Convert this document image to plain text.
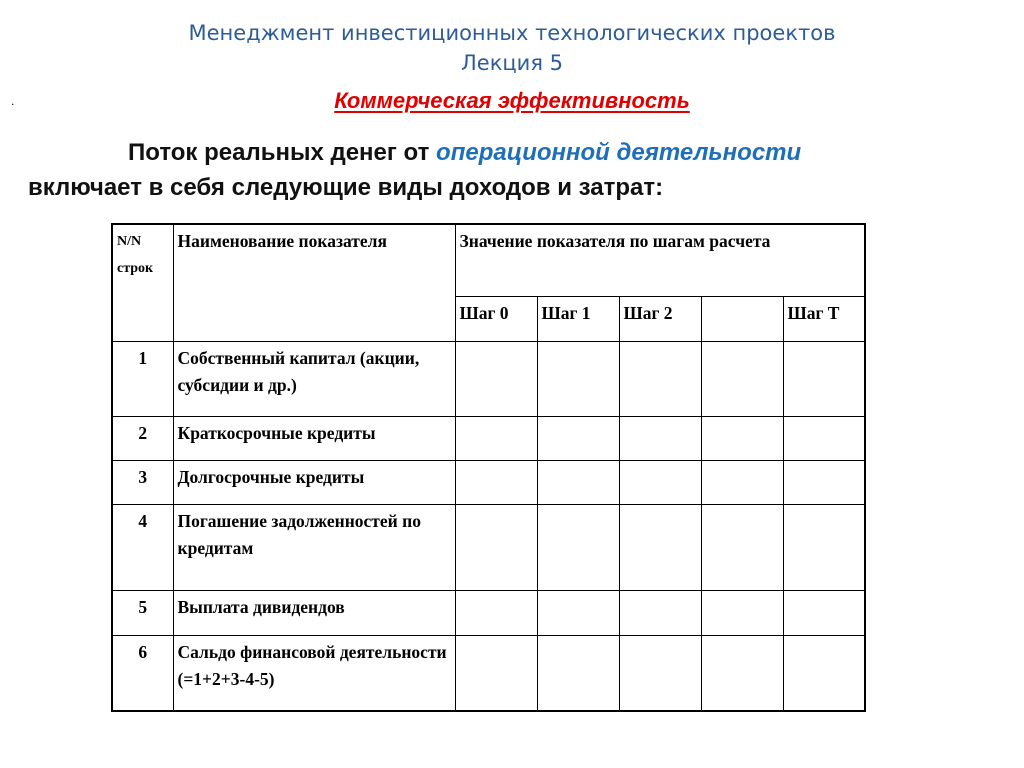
Менеджмент инвестиционных технологических проектов
Лекция 5
.	Коммерческая эффективность
Поток реальных денег от операционной деятельности
включает в себя следующие виды доходов и затрат:
N/N строк	Наименование показателя	Значение показателя по шагам расчета				
		Шаг 0	Шаг 1	Шаг 2		Шаг Т
1	Собственный капитал (акции, субсидии и др.)					
2	Краткосрочные кредиты					
3	Долгосрочные кредиты					
4	Погашение задолженностей по кредитам					
5	Выплата дивидендов					
6	Сальдо финансовой деятельности (=1+2+3-4-5)					
